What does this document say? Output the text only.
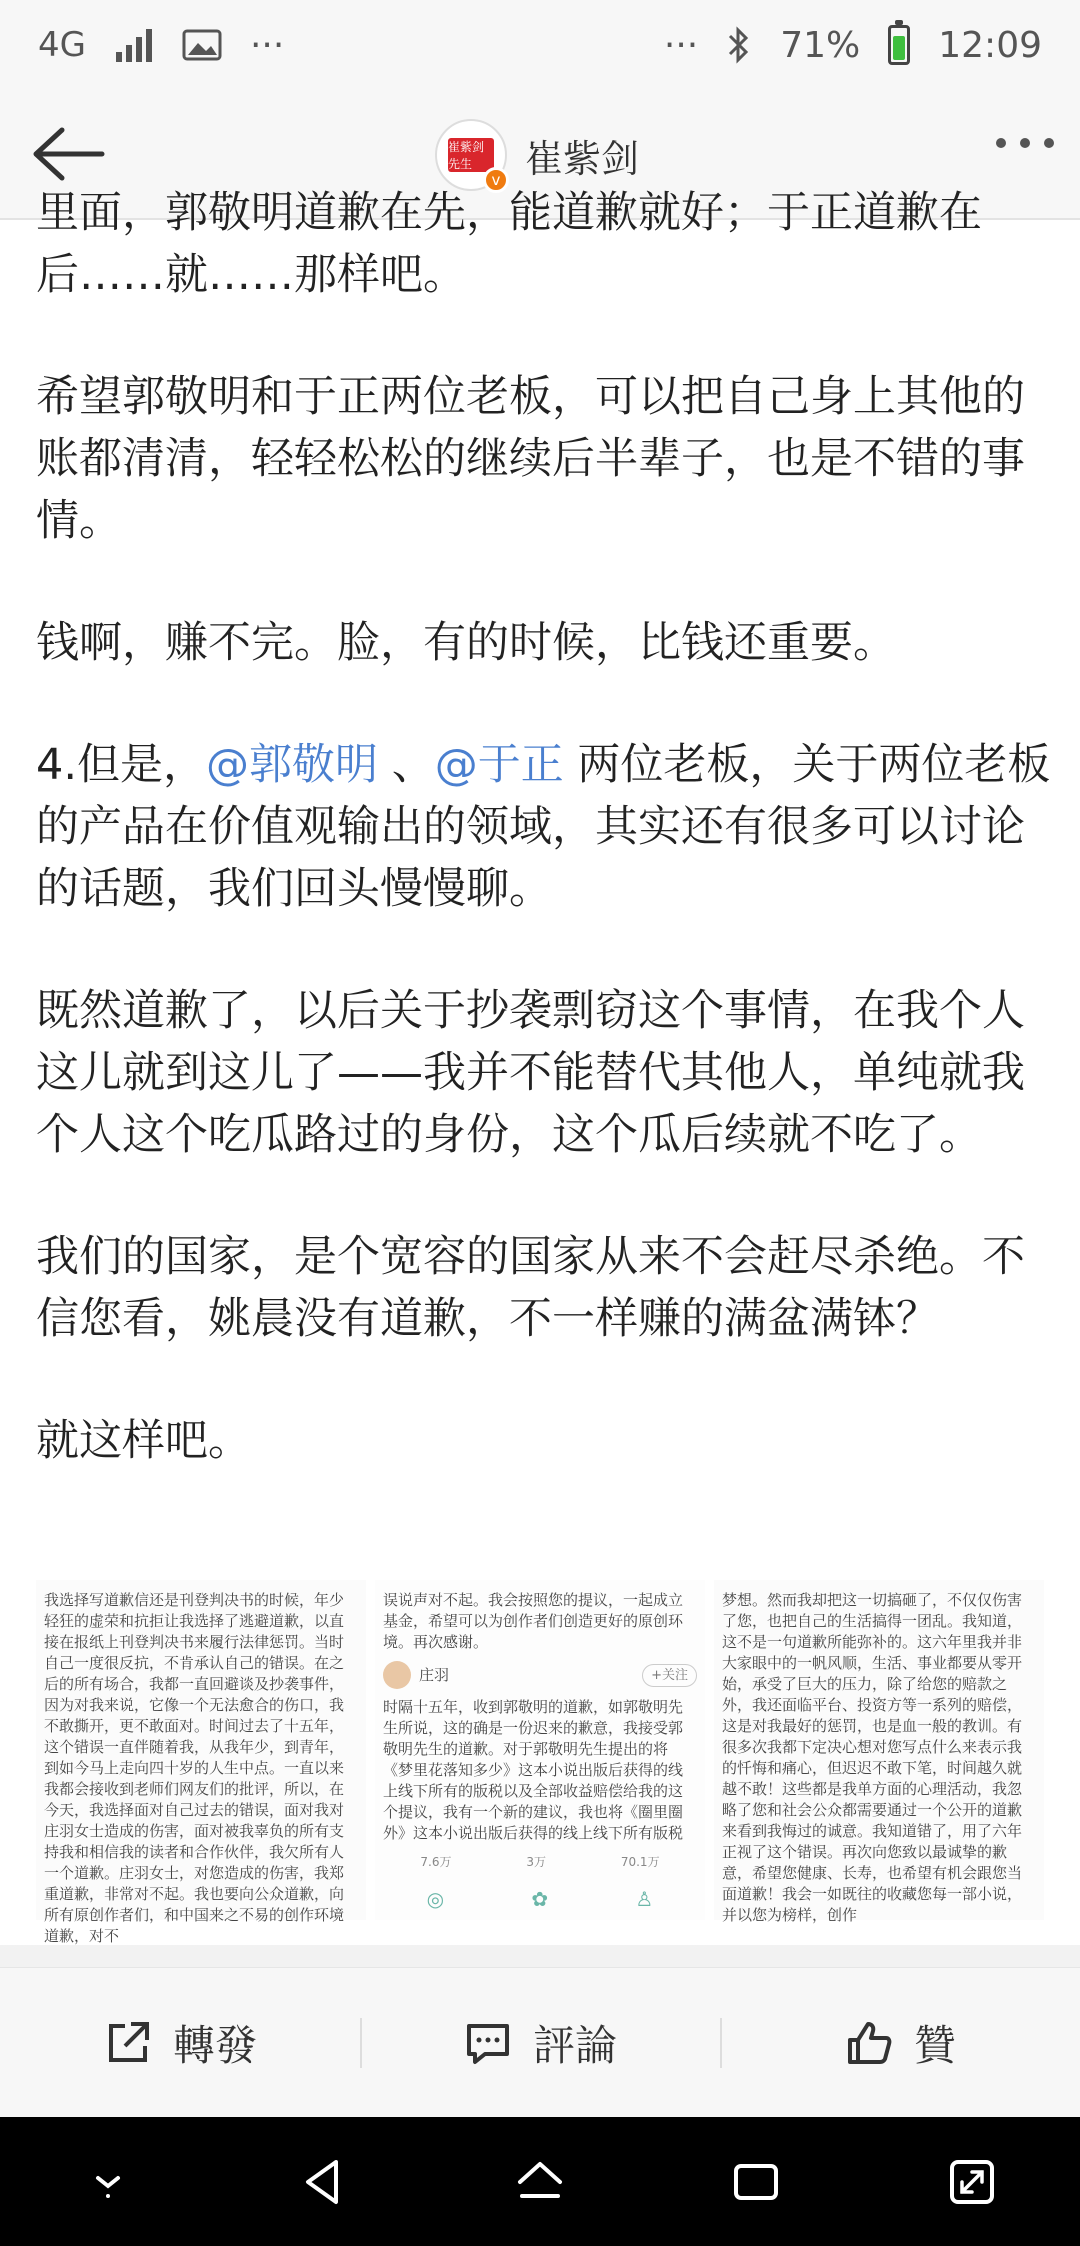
4G	···	··· 71% 12:09
崔紫剑先生
v 崔紫剑

里面，郭敬明道歉在先，能道歉就好；于正道歉在后……就……那样吧。

希望郭敬明和于正两位老板，可以把自己身上其他的账都清清，轻轻松松的继续后半辈子，也是不错的事情。

钱啊，赚不完。脸，有的时候，比钱还重要。

4.但是，@郭敬明 、@于正 两位老板，关于两位老板的产品在价值观输出的领域，其实还有很多可以讨论的话题，我们回头慢慢聊。

既然道歉了，以后关于抄袭剽窃这个事情，在我个人这儿就到这儿了——我并不能替代其他人，单纯就我个人这个吃瓜路过的身份，这个瓜后续就不吃了。

我们的国家，是个宽容的国家从来不会赶尽杀绝。不信您看，姚晨没有道歉，不一样赚的满盆满钵？

就这样吧。

我选择写道歉信还是刊登判决书的时候，年少轻狂的虚荣和抗拒让我选择了逃避道歉，以直接在报纸上刊登判决书来履行法律惩罚。当时自己一度很反抗，不肯承认自己的错误。在之后的所有场合，我都一直回避谈及抄袭事件，因为对我来说，它像一个无法愈合的伤口，我不敢撕开，更不敢面对。时间过去了十五年，这个错误一直伴随着我，从我年少，到青年，到如今马上走向四十岁的人生中点。一直以来我都会接收到老师们网友们的批评，所以，在今天，我选择面对自己过去的错误，面对我对庄羽女士造成的伤害，面对被我辜负的所有支持我和相信我的读者和合作伙伴，我欠所有人一个道歉。庄羽女士，对您造成的伤害，我郑重道歉，非常对不起。我也要向公众道歉，向所有原创作者们，和中国来之不易的创作环境道歉，对不
误说声对不起。我会按照您的提议，一起成立基金，希望可以为创作者们创造更好的原创环境。再次感谢。
庄羽	+关注
时隔十五年，收到郭敬明的道歉，如郭敬明先生所说，这的确是一份迟来的歉意，我接受郭敬明先生的道歉。对于郭敬明先生提出的将《梦里花落知多少》这本小说出版后获得的线上线下所有的版税以及全部收益赔偿给我的这个提议，我有一个新的建议，我也将《圈里圈外》这本小说出版后获得的线上线下所有版税
7.6万	3万	70.1万
◎	✿	♙
梦想。然而我却把这一切搞砸了，不仅仅伤害了您，也把自己的生活搞得一团乱。我知道，这不是一句道歉所能弥补的。这六年里我并非大家眼中的一帆风顺，生活、事业都要从零开始，承受了巨大的压力，除了给您的赔款之外，我还面临平台、投资方等一系列的赔偿，这是对我最好的惩罚，也是血一般的教训。有很多次我都下定决心想对您写点什么来表示我的忏悔和痛心，但迟迟不敢下笔，时间越久就越不敢！这些都是我单方面的心理活动，我忽略了您和社会公众都需要通过一个公开的道歉来看到我悔过的诚意。我知道错了，用了六年正视了这个错误。再次向您致以最诚挚的歉意，希望您健康、长寿，也希望有机会跟您当面道歉！我会一如既往的收藏您每一部小说，并以您为榜样，创作
轉發	評論	贊
